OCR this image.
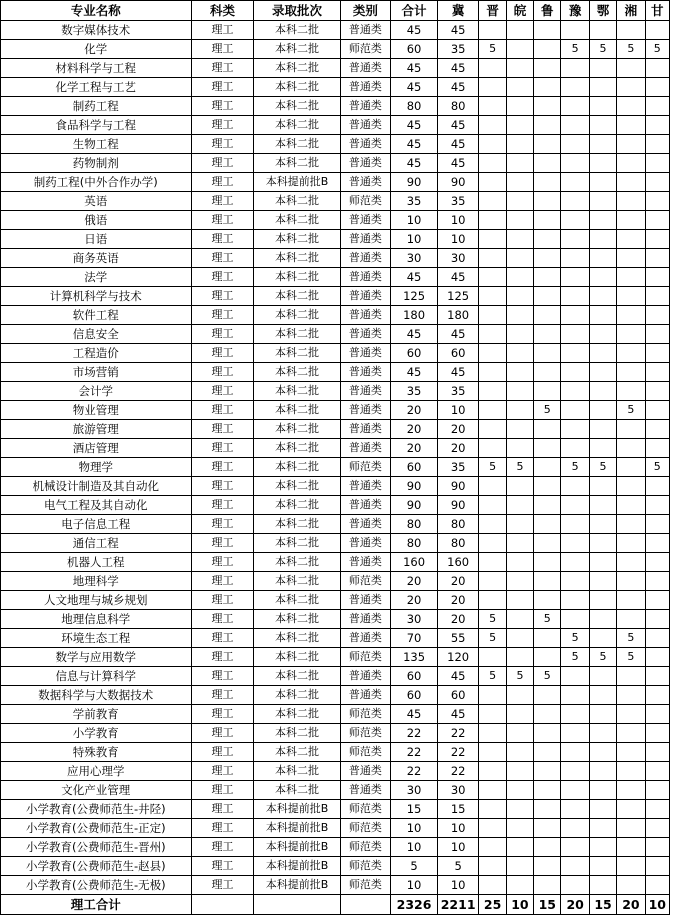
专业名称	科类	录取批次	类别	合计	冀	晋	皖	鲁	豫	鄂	湘	甘
数字媒体技术	理工	本科二批	普通类	45	45							
化学	理工	本科二批	师范类	60	35	5			5	5	5	5
材料科学与工程	理工	本科二批	普通类	45	45							
化学工程与工艺	理工	本科二批	普通类	45	45							
制药工程	理工	本科二批	普通类	80	80							
食品科学与工程	理工	本科二批	普通类	45	45							
生物工程	理工	本科二批	普通类	45	45							
药物制剂	理工	本科二批	普通类	45	45							
制药工程(中外合作办学)	理工	本科提前批B	普通类	90	90							
英语	理工	本科二批	师范类	35	35							
俄语	理工	本科二批	普通类	10	10							
日语	理工	本科二批	普通类	10	10							
商务英语	理工	本科二批	普通类	30	30							
法学	理工	本科二批	普通类	45	45							
计算机科学与技术	理工	本科二批	普通类	125	125							
软件工程	理工	本科二批	普通类	180	180							
信息安全	理工	本科二批	普通类	45	45							
工程造价	理工	本科二批	普通类	60	60							
市场营销	理工	本科二批	普通类	45	45							
会计学	理工	本科二批	普通类	35	35							
物业管理	理工	本科二批	普通类	20	10			5			5	
旅游管理	理工	本科二批	普通类	20	20							
酒店管理	理工	本科二批	普通类	20	20							
物理学	理工	本科二批	师范类	60	35	5	5		5	5		5
机械设计制造及其自动化	理工	本科二批	普通类	90	90							
电气工程及其自动化	理工	本科二批	普通类	90	90							
电子信息工程	理工	本科二批	普通类	80	80							
通信工程	理工	本科二批	普通类	80	80							
机器人工程	理工	本科二批	普通类	160	160							
地理科学	理工	本科二批	师范类	20	20							
人文地理与城乡规划	理工	本科二批	普通类	20	20							
地理信息科学	理工	本科二批	普通类	30	20	5		5				
环境生态工程	理工	本科二批	普通类	70	55	5			5		5	
数学与应用数学	理工	本科二批	师范类	135	120				5	5	5	
信息与计算科学	理工	本科二批	普通类	60	45	5	5	5				
数据科学与大数据技术	理工	本科二批	普通类	60	60							
学前教育	理工	本科二批	师范类	45	45							
小学教育	理工	本科二批	师范类	22	22							
特殊教育	理工	本科二批	师范类	22	22							
应用心理学	理工	本科二批	普通类	22	22							
文化产业管理	理工	本科二批	普通类	30	30							
小学教育(公费师范生-井陉)	理工	本科提前批B	师范类	15	15							
小学教育(公费师范生-正定)	理工	本科提前批B	师范类	10	10							
小学教育(公费师范生-晋州)	理工	本科提前批B	师范类	10	10							
小学教育(公费师范生-赵县)	理工	本科提前批B	师范类	5	5							
小学教育(公费师范生-无极)	理工	本科提前批B	师范类	10	10							
理工合计				2326	2211	25	10	15	20	15	20	10
